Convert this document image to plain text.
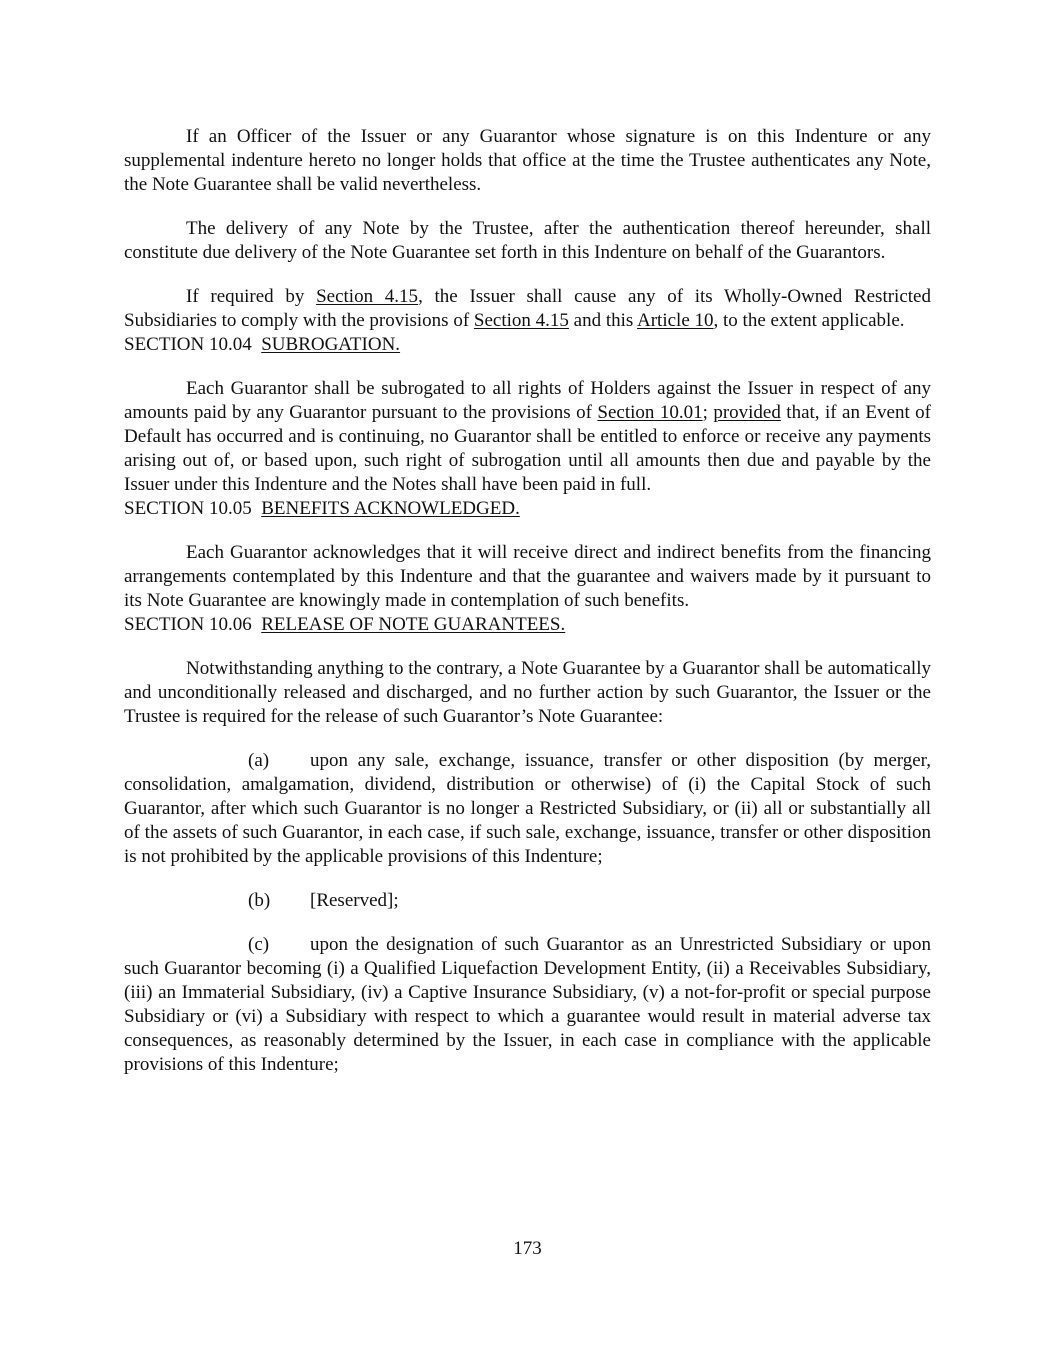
If an Officer of the Issuer or any Guarantor whose signature is on this Indenture or any supplemental indenture hereto no longer holds that office at the time the Trustee authenticates any Note, the Note Guarantee shall be valid nevertheless.

The delivery of any Note by the Trustee, after the authentication thereof hereunder, shall constitute due delivery of the Note Guarantee set forth in this Indenture on behalf of the Guarantors.

If required by Section 4.15, the Issuer shall cause any of its Wholly-Owned Restricted Subsidiaries to comply with the provisions of Section 4.15 and this Article 10, to the extent applicable.

SECTION 10.04 SUBROGATION.

Each Guarantor shall be subrogated to all rights of Holders against the Issuer in respect of any amounts paid by any Guarantor pursuant to the provisions of Section 10.01; provided that, if an Event of Default has occurred and is continuing, no Guarantor shall be entitled to enforce or receive any payments arising out of, or based upon, such right of subrogation until all amounts then due and payable by the Issuer under this Indenture and the Notes shall have been paid in full.

SECTION 10.05 BENEFITS ACKNOWLEDGED.

Each Guarantor acknowledges that it will receive direct and indirect benefits from the financing arrangements contemplated by this Indenture and that the guarantee and waivers made by it pursuant to its Note Guarantee are knowingly made in contemplation of such benefits.

SECTION 10.06 RELEASE OF NOTE GUARANTEES.

Notwithstanding anything to the contrary, a Note Guarantee by a Guarantor shall be automatically and unconditionally released and discharged, and no further action by such Guarantor, the Issuer or the Trustee is required for the release of such Guarantor’s Note Guarantee:

(a) upon any sale, exchange, issuance, transfer or other disposition (by merger, consolidation, amalgamation, dividend, distribution or otherwise) of (i) the Capital Stock of such Guarantor, after which such Guarantor is no longer a Restricted Subsidiary, or (ii) all or substantially all of the assets of such Guarantor, in each case, if such sale, exchange, issuance, transfer or other disposition is not prohibited by the applicable provisions of this Indenture;

(b) [Reserved];

(c) upon the designation of such Guarantor as an Unrestricted Subsidiary or upon such Guarantor becoming (i) a Qualified Liquefaction Development Entity, (ii) a Receivables Subsidiary, (iii) an Immaterial Subsidiary, (iv) a Captive Insurance Subsidiary, (v) a not-for-profit or special purpose Subsidiary or (vi) a Subsidiary with respect to which a guarantee would result in material adverse tax consequences, as reasonably determined by the Issuer, in each case in compliance with the applicable provisions of this Indenture;

173
